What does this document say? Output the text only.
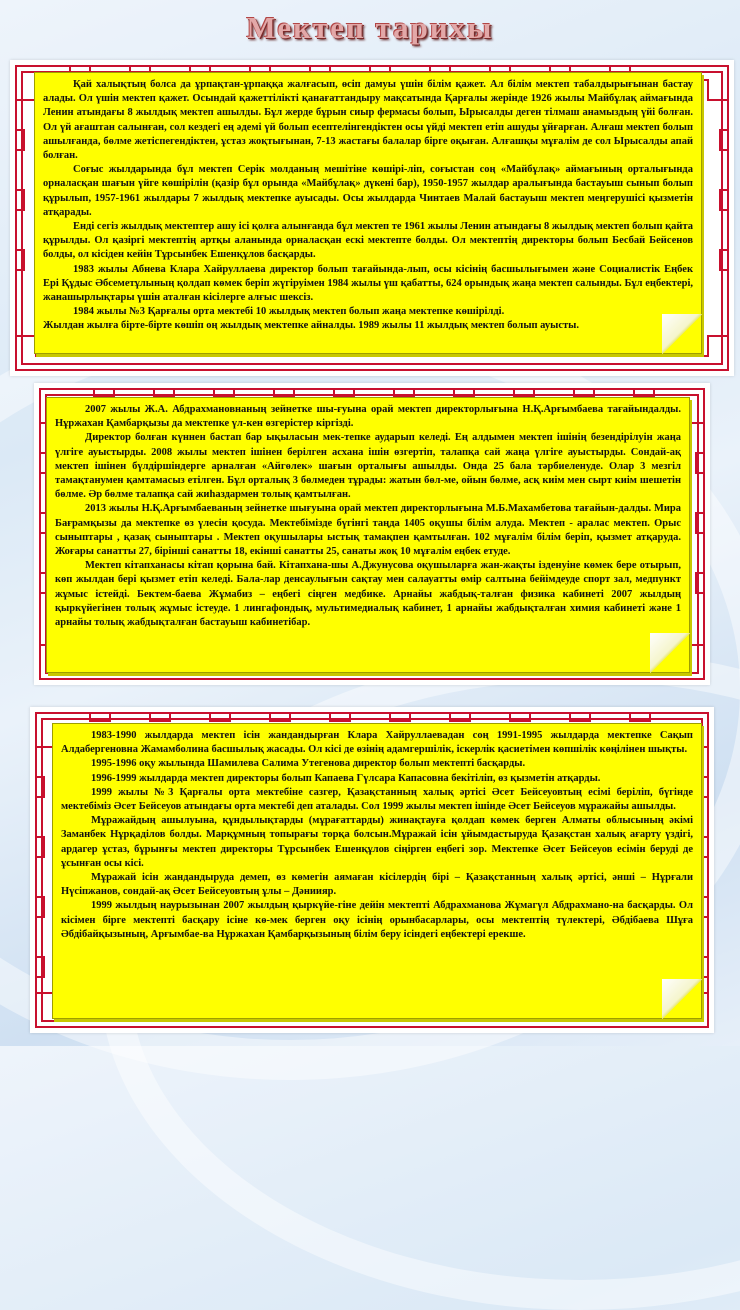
Мектеп тарихы

Қай халықтың болса да ұрпақтан-ұрпаққа жалғасып, өсіп дамуы үшін білім қажет. Ал білім мектеп табалдырығынан бастау алады. Ол үшін мектеп қажет. Осындай қажеттілікті қанағаттандыру мақсатында Қарғалы жерінде 1926 жылы Майбұлақ аймағында Ленин атындағы 8 жылдық мектеп ашылды. Бұл жерде бұрын сиыр фермасы болып, Ырысалды деген тілмаш анамыздың үйі болған. Ол үй ағаштан салынған, сол кездегі ең әдемі үй болып есептелінгендіктен осы үйді мектеп етіп ашуды ұйғарған. Алғаш мектеп болып ашылғанда, бөлме жетіспегендіктен, ұстаз жоқтығынан, 7-13 жастағы балалар бірге оқыған. Алғашқы мұғалім де сол Ырысалды апай болған.

Соғыс жылдарында бұл мектеп Серік молданың мешітіне көшірі-ліп, соғыстан соң «Майбұлақ» аймағының орталығында орналасқан шағын үйге көшірілін (қазір бұл орында «Майбұлақ» дүкені бар), 1950-1957 жылдар аралығында бастауыш сынып болып құрылып, 1957-1961 жылдары 7 жылдық мектепке ауысады. Осы жылдарда Чинтаев Малай бастауыш мектеп меңгерушісі қызметін атқарады.

Енді сегіз жылдық мектептер ашу ісі қолға алынғанда бұл мектеп те 1961 жылы Ленин атындағы 8 жылдық мектеп болып қайта құрылды. Ол қазіргі мектептің артқы аланында орналасқан ескі мектепте болды. Ол мектептің директоры болып Бесбай Бейсенов болды, ол кісіден кейін Тұрсынбек Ешенқұлов басқарды.

1983 жылы Абнева Клара Хайруллаева директор болып тағайында-лып, осы кісінің басшылығымен және Социалистік Еңбек Ері Құдыс Әбсеметұлының қолдап көмек беріп жүгіруімен 1984 жылы үш қабатты, 624 орындық жаңа мектеп салынды. Бұл еңбектері, жанашырлықтары үшін аталған кісілерге алғыс шексіз.

1984 жылы №3 Қарғалы орта мектебі 10 жылдық мектеп болып жаңа мектепке көшірілді.

Жылдан жылға бірте-бірте көшіп оң жылдық мектепке айналды. 1989 жылы 11 жылдық мектеп болып ауысты.

2007 жылы Ж.А. Абдрахмановнаның зейнетке шы-ғуына орай мектеп директорлығына Н.Қ.Арғымбаева тағайындалды. Нұржахан Қамбарқызы да мектепке үл-кен өзгерістер кіргізді.

Директор болған күннен бастап бар ықыласын мек-тепке аударып келеді. Ең алдымен мектеп ішінің безендірілуін жаңа үлгіге ауыстырды. 2008 жылы мектеп ішінен берілген асхана ішін өзгертіп, талапқа сай жаңа үлгіге ауыстырды. Сондай-ақ мектеп ішінен бүлдіршіндерге арналған «Айгөлек» шағын орталығы ашылды. Онда 25 бала тәрбиеленуде. Олар 3 мезгіл тамақтанумен қамтамасыз етілген. Бұл орталық 3 бөлмеден тұрады: жатын бөл-ме, ойын бөлме, асқ киім мен сырт киім шешетін бөлме. Әр бөлме талапқа сай жиһаздармен толық қамтылған.

2013 жылы Н.Қ.Арғымбаеваның зейнетке шығуына орай мектеп директорлығына М.Б.Махамбетова тағайын-далды. Мира Бағрамқызы да мектепке өз үлесін қосуда. Мектебімізде бүгінгі таңда 1405 оқушы білім алуда. Мектеп - аралас мектеп. Орыс сыныптары , қазақ сыныптары . Мектеп оқушылары ыстық тамақпен қамтылған. 102 мұғалім білім беріп, қызмет атқаруда. Жоғары санатты 27, бірінші санатты 18, екінші санатты 25, санаты жоқ 10 мұғалім еңбек етуде.

Мектеп кітапханасы кітап қорына бай. Кітапхана-шы А.Джунусова оқушыларға жан-жақты ізденуіне көмек бере отырып, көп жылдан бері қызмет етіп келеді. Бала-лар денсаулығын сақтау мен салауатты өмір салтына бейімдеуде спорт зал, медпункт жұмыс істейді. Бектем-баева Жұмабиз – еңбегі сіңген медбике. Арнайы жабдық-талған физика кабинеті 2007 жылдың қыркүйегінен толық жұмыс істеуде. 1 лингафондық, мультимедиалық кабинет, 1 арнайы жабдықталған химия кабинеті және 1 арнайы толық жабдықталған бастауыш кабинетібар.

1983-1990 жылдарда мектеп ісін жандандырған Клара Хайруллаевадан соң 1991-1995 жылдарда мектепке Сақып Алдабергеновна Жамамболина басшылық жасады. Ол кісі де өзінің адамгершілік, іскерлік қасиетімен көпшілік көңілінен шықты.

1995-1996 оқу жылында Шамилева Салима Утегенова директор болып мектепті басқарды.

1996-1999 жылдарда мектеп директоры болып Капаева Гүлсара Капасовна бекітіліп, өз қызметін атқарды.

1999 жылы №3 Қарғалы орта мектебіне сазгер, Қазақстанның халық әртісі Әсет Бейсеуовтың есімі беріліп, бүгінде мектебіміз Әсет Бейсеуов атындағы орта мектебі деп аталады. Сол 1999 жылы мектеп ішінде Әсет Бейсеуов мұражайы ашылды.

Мұражайдың ашылуына, құндылықтарды (мұрағаттарды) жинақтауға қолдап көмек берген Алматы облысының әкімі Заманбек Нұрқаділов болды. Марқұмның топырағы торқа болсын.Мұражай ісін ұйымдастыруда Қазақстан халық ағарту үздігі, ардагер ұстаз, бұрынғы мектеп директоры Тұрсынбек Ешенқұлов сіңірген еңбегі зор. Мектепке Әсет Бейсеуов есімін беруді де ұсынған осы кісі.

Мұражай ісін жандандыруда демеп, өз көмегін аямаған кісілердің бірі – Қазақстанның халық әртісі, әнші – Нұрғали Нүсіпжанов, сондай-ақ Әсет Бейсеуовтың ұлы – Дәниияр.

1999 жылдың наурызынан 2007 жылдың қыркүйе-гіне дейін мектепті Абдрахманова Жұмагүл Абдрахмано-на басқарды. Ол кісімен бірге мектепті басқару ісіне кө-мек берген оқу ісінің орынбасарлары, осы мектептің түлектері, Әбдібаева Шұға Әбдібайқызының, Арғымбае-ва Нұржахан Қамбарқызының білім беру ісіндегі еңбектері ерекше.
